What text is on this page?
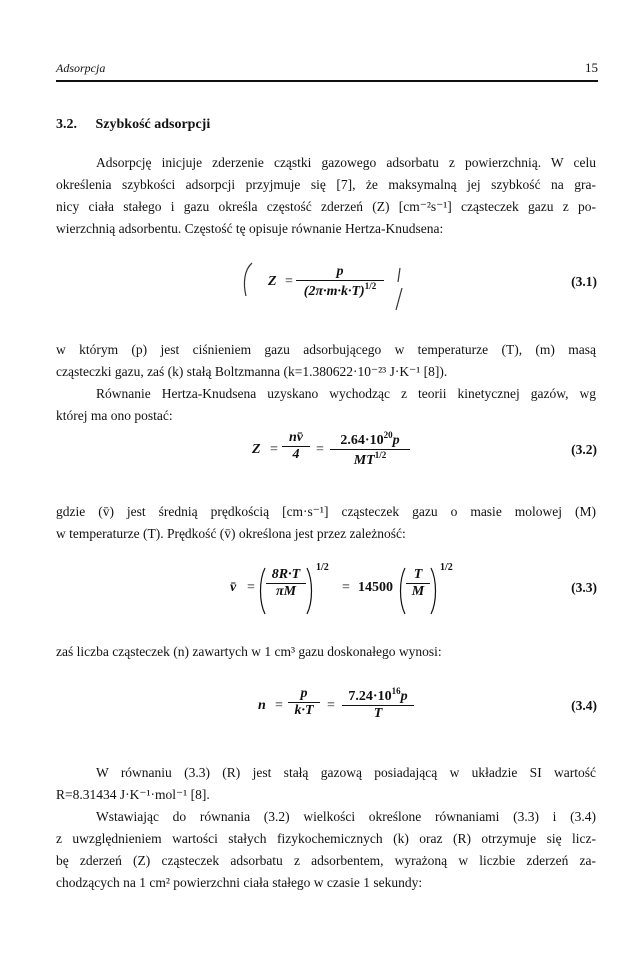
Adsorpcja	15
3.2. Szybkość adsorpcji
Adsorpcję inicjuje zderzenie cząstki gazowego adsorbatu z powierzchnią. W celu
określenia szybkości adsorpcji przyjmuje się [7], że maksymalną jej szybkość na gra-
nicy ciała stałego i gazu określa częstość zderzeń (Z) [cm⁻²s⁻¹] cząsteczek gazu z po-
wierzchnią adsorbentu. Częstość tę opisuje równanie Hertza-Knudsena:
Z =
p
$(2\pi\cdot m\cdot k\cdot T)^{1/2}$	(3.1)
w którym (p) jest ciśnieniem gazu adsorbującego w temperaturze (T), (m) masą
cząsteczki gazu, zaś (k) stałą Boltzmanna (k=1.380622·10⁻²³ J·K⁻¹ [8]).
Równanie Hertza-Knudsena uzyskano wychodząc z teorii kinetycznej gazów, wg
której ma ono postać:
Z =
nv̄
4	=
$2.64\cdot 10^{20}p$
$MT^{1/2}$	(3.2)
gdzie (v̄) jest średnią prędkością [cm·s⁻¹] cząsteczek gazu o masie molowej (M)
w temperaturze (T). Prędkość (v̄) określona jest przez zależność:
v̄ =
8R·T
πM
1/2
= 14500
T
M
1/2
(3.3)
zaś liczba cząsteczek (n) zawartych w 1 cm³ gazu doskonałego wynosi:
n =
p
k·T =
$7.24\cdot 10^{16}p$
T
(3.4)
W równaniu (3.3) (R) jest stałą gazową posiadającą w układzie SI wartość
R=8.31434 J·K⁻¹·mol⁻¹ [8].
Wstawiając do równania (3.2) wielkości określone równaniami (3.3) i (3.4)
z uwzględnieniem wartości stałych fizykochemicznych (k) oraz (R) otrzymuje się licz-
bę zderzeń (Z) cząsteczek adsorbatu z adsorbentem, wyrażoną w liczbie zderzeń za-
chodzących na 1 cm² powierzchni ciała stałego w czasie 1 sekundy:
